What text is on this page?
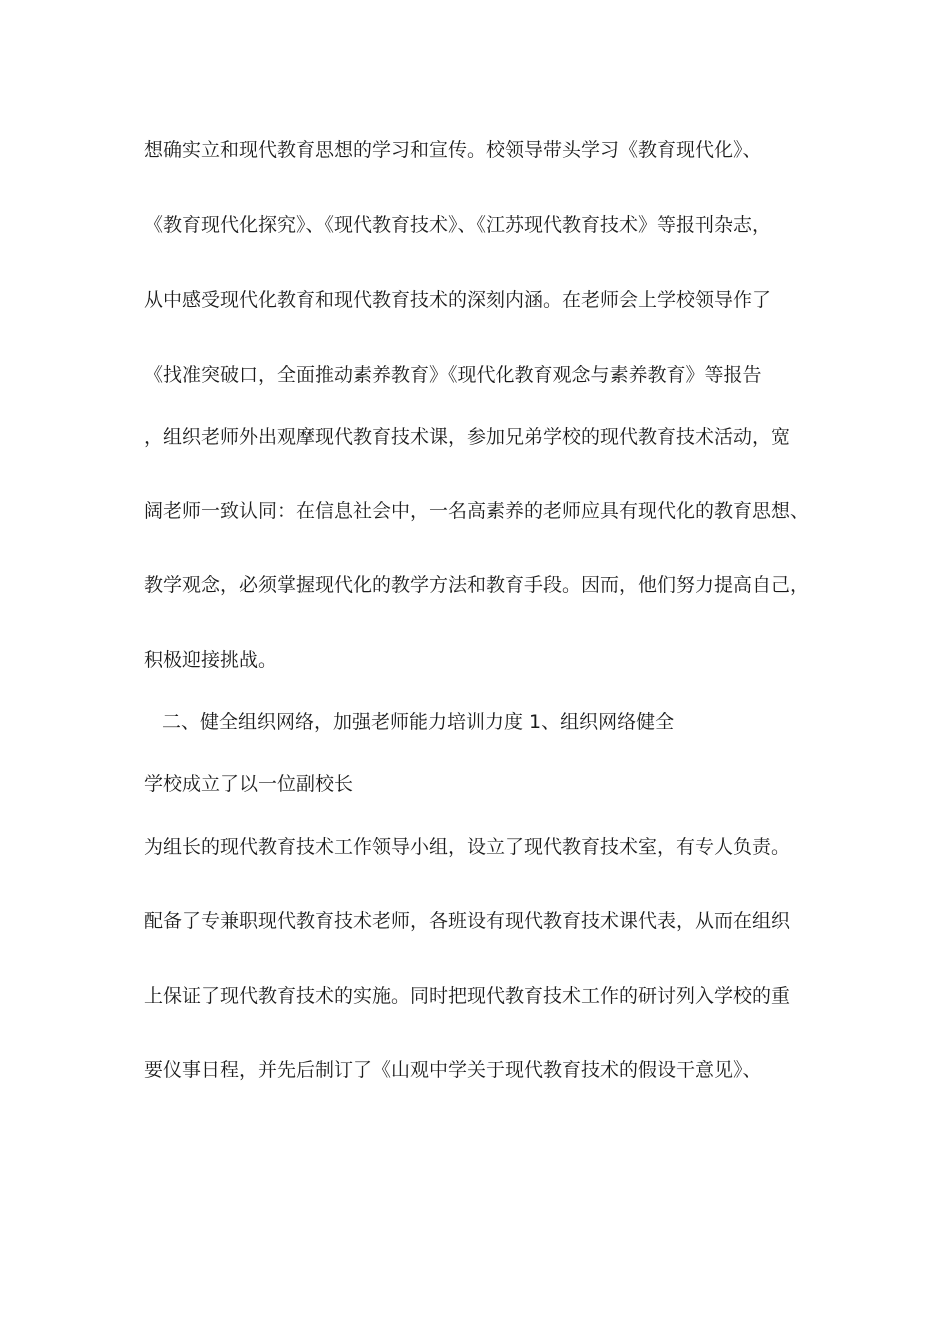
想确实立和现代教育思想的学习和宣传。校领导带头学习《教育现代化》、
《教育现代化探究》、《现代教育技术》、《江苏现代教育技术》等报刊杂志，
从中感受现代化教育和现代教育技术的深刻内涵。在老师会上学校领导作了
《找准突破口，全面推动素养教育》《现代化教育观念与素养教育》等报告
，组织老师外出观摩现代教育技术课，参加兄弟学校的现代教育技术活动，宽
阔老师一致认同：在信息社会中，一名高素养的老师应具有现代化的教育思想、
教学观念，必须掌握现代化的教学方法和教育手段。因而，他们努力提高自己，
积极迎接挑战。
二、健全组织网络，加强老师能力培训力度 1、组织网络健全
学校成立了以一位副校长
为组长的现代教育技术工作领导小组，设立了现代教育技术室，有专人负责。
配备了专兼职现代教育技术老师，各班设有现代教育技术课代表，从而在组织
上保证了现代教育技术的实施。同时把现代教育技术工作的研讨列入学校的重
要仪事日程，并先后制订了《山观中学关于现代教育技术的假设干意见》、
